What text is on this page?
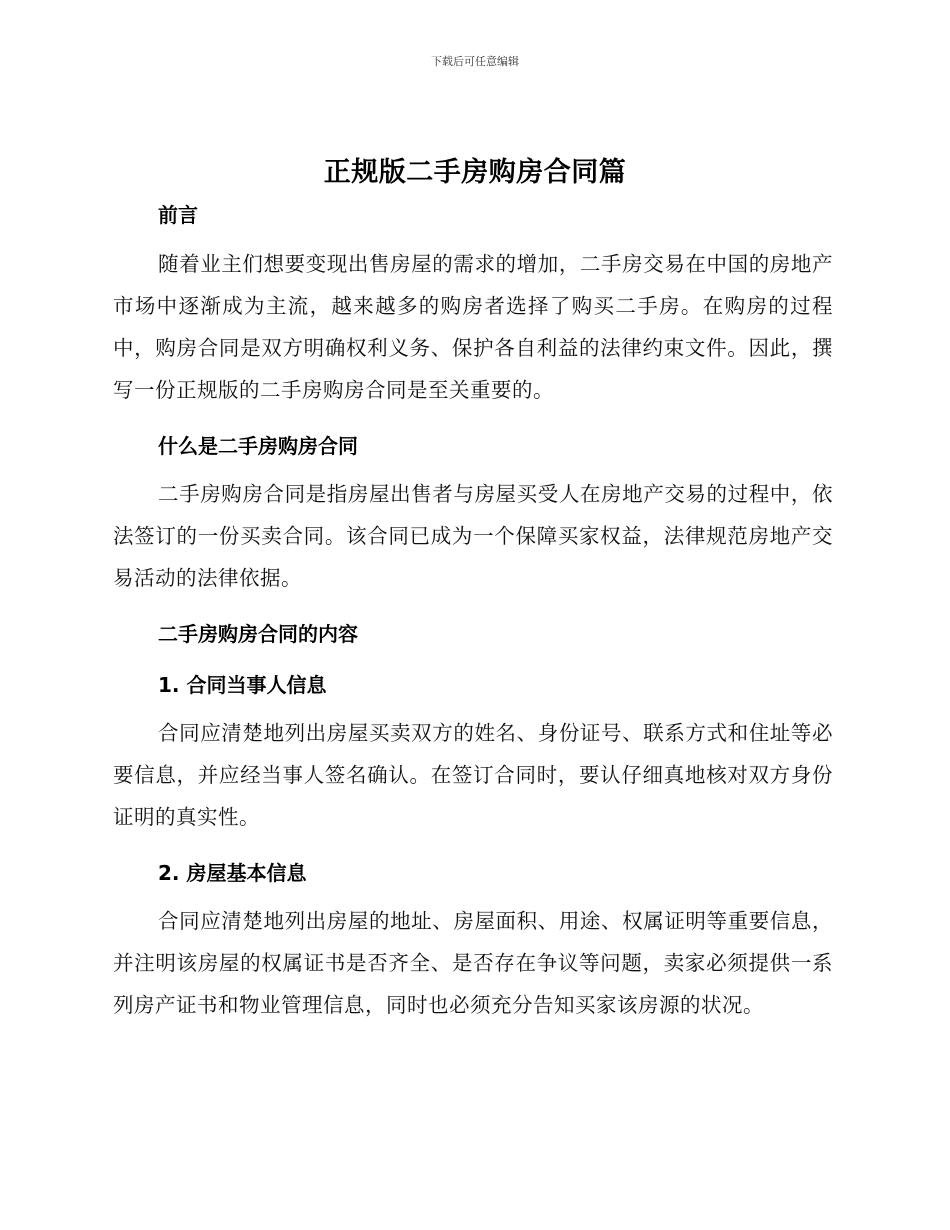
下载后可任意编辑
正规版二手房购房合同篇
前言
随着业主们想要变现出售房屋的需求的增加，二手房交易在中国的房地产市场中逐渐成为主流，越来越多的购房者选择了购买二手房。在购房的过程中，购房合同是双方明确权利义务、保护各自利益的法律约束文件。因此，撰写一份正规版的二手房购房合同是至关重要的。
什么是二手房购房合同
二手房购房合同是指房屋出售者与房屋买受人在房地产交易的过程中，依法签订的一份买卖合同。该合同已成为一个保障买家权益，法律规范房地产交易活动的法律依据。
二手房购房合同的内容
1. 合同当事人信息
合同应清楚地列出房屋买卖双方的姓名、身份证号、联系方式和住址等必要信息，并应经当事人签名确认。在签订合同时，要认仔细真地核对双方身份证明的真实性。
2. 房屋基本信息
合同应清楚地列出房屋的地址、房屋面积、用途、权属证明等重要信息，并注明该房屋的权属证书是否齐全、是否存在争议等问题，卖家必须提供一系列房产证书和物业管理信息，同时也必须充分告知买家该房源的状况。
